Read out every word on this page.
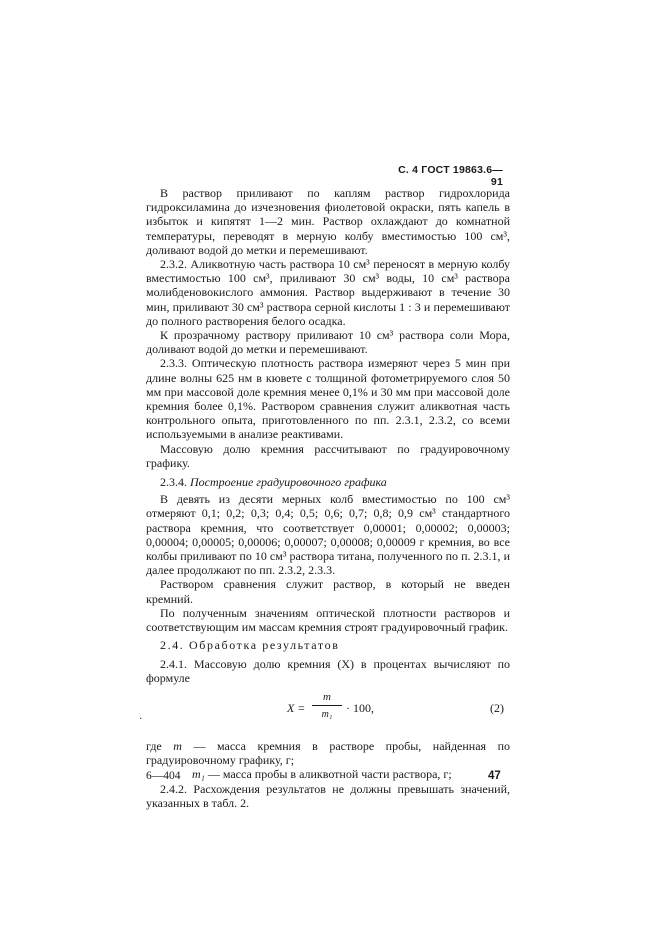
С. 4 ГОСТ 19863.6—91

В раствор приливают по каплям раствор гидрохлорида гидроксиламина до изчезновения фиолетовой окраски, пять капель в избыток и кипятят 1—2 мин. Раствор охлаждают до комнатной температуры, переводят в мерную колбу вместимостью 100 см³, доливают водой до метки и перемешивают.

2.3.2. Аликвотную часть раствора 10 см³ переносят в мерную колбу вместимостью 100 см³, приливают 30 см³ воды, 10 см³ раствора молибденовокислого аммония. Раствор выдерживают в течение 30 мин, приливают 30 см³ раствора серной кислоты 1 : 3 и перемешивают до полного растворения белого осадка.

К прозрачному раствору приливают 10 см³ раствора соли Мора, доливают водой до метки и перемешивают.

2.3.3. Оптическую плотность раствора измеряют через 5 мин при длине волны 625 нм в кювете с толщиной фотометрируемого слоя 50 мм при массовой доле кремния менее 0,1% и 30 мм при массовой доле кремния более 0,1%. Раствором сравнения служит аликвотная часть контрольного опыта, приготовленного по пп. 2.3.1, 2.3.2, со всеми используемыми в анализе реактивами.

Массовую долю кремния рассчитывают по градуировочному графику.

2.3.4. Построение градуировочного графика

В девять из десяти мерных колб вместимостью по 100 см³ отмеряют 0,1; 0,2; 0,3; 0,4; 0,5; 0,6; 0,7; 0,8; 0,9 см³ стандартного раствора кремния, что соответствует 0,00001; 0,00002; 0,00003; 0,00004; 0,00005; 0,00006; 0,00007; 0,00008; 0,00009 г кремния, во все колбы приливают по 10 см³ раствора титана, полученного по п. 2.3.1, и далее продолжают по пп. 2.3.2, 2.3.3.

Раствором сравнения служит раствор, в который не введен кремний.

По полученным значениям оптической плотности растворов и соответствующим им массам кремния строят градуировочный график.

2.4. Обработка результатов

2.4.1. Массовую долю кремния (X) в процентах вычисляют по формуле

·
X =
m
m₁	· 100,	(2)

где m — масса кремния в растворе пробы, найденная по градуировочному графику, г;

m₁ — масса пробы в аликвотной части раствора, г;

2.4.2. Расхождения результатов не должны превышать значений, указанных в табл. 2.

6—404	47
